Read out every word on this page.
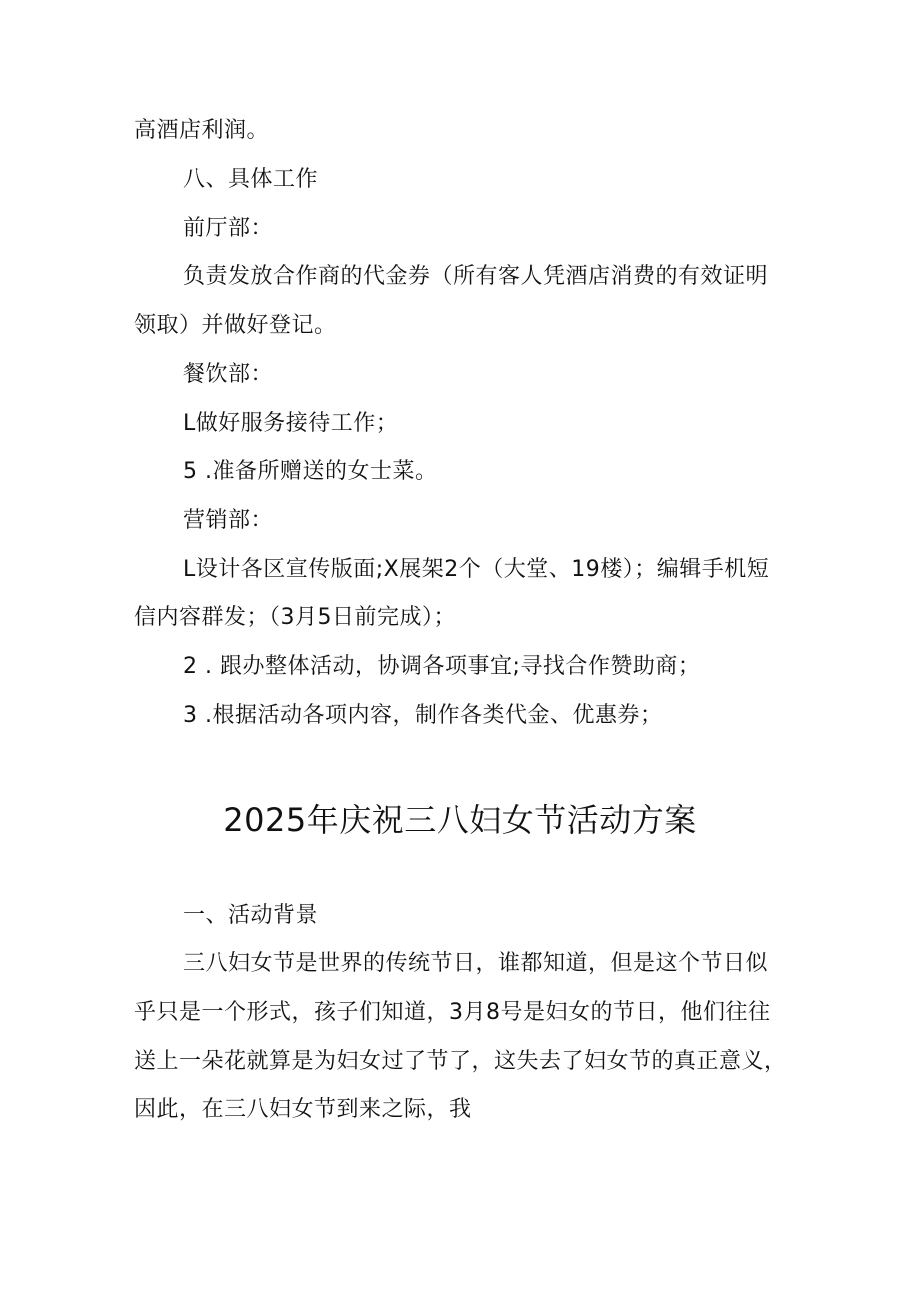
高酒店利润。
八、具体工作
前厅部：
负责发放合作商的代金券（所有客人凭酒店消费的有效证明
领取）并做好登记。
餐饮部：
L做好服务接待工作；
5 .准备所赠送的女士菜。
营销部：
L设计各区宣传版面;X展架2个（大堂、19楼）；编辑手机短
信内容群发；（3月5日前完成）；
2 . 跟办整体活动，协调各项事宜;寻找合作赞助商；
3 .根据活动各项内容，制作各类代金、优惠券；
2025年庆祝三八妇女节活动方案
一、活动背景
三八妇女节是世界的传统节日，谁都知道，但是这个节日似
乎只是一个形式，孩子们知道，3月8号是妇女的节日，他们往往
送上一朵花就算是为妇女过了节了，这失去了妇女节的真正意义，
因此，在三八妇女节到来之际，我
